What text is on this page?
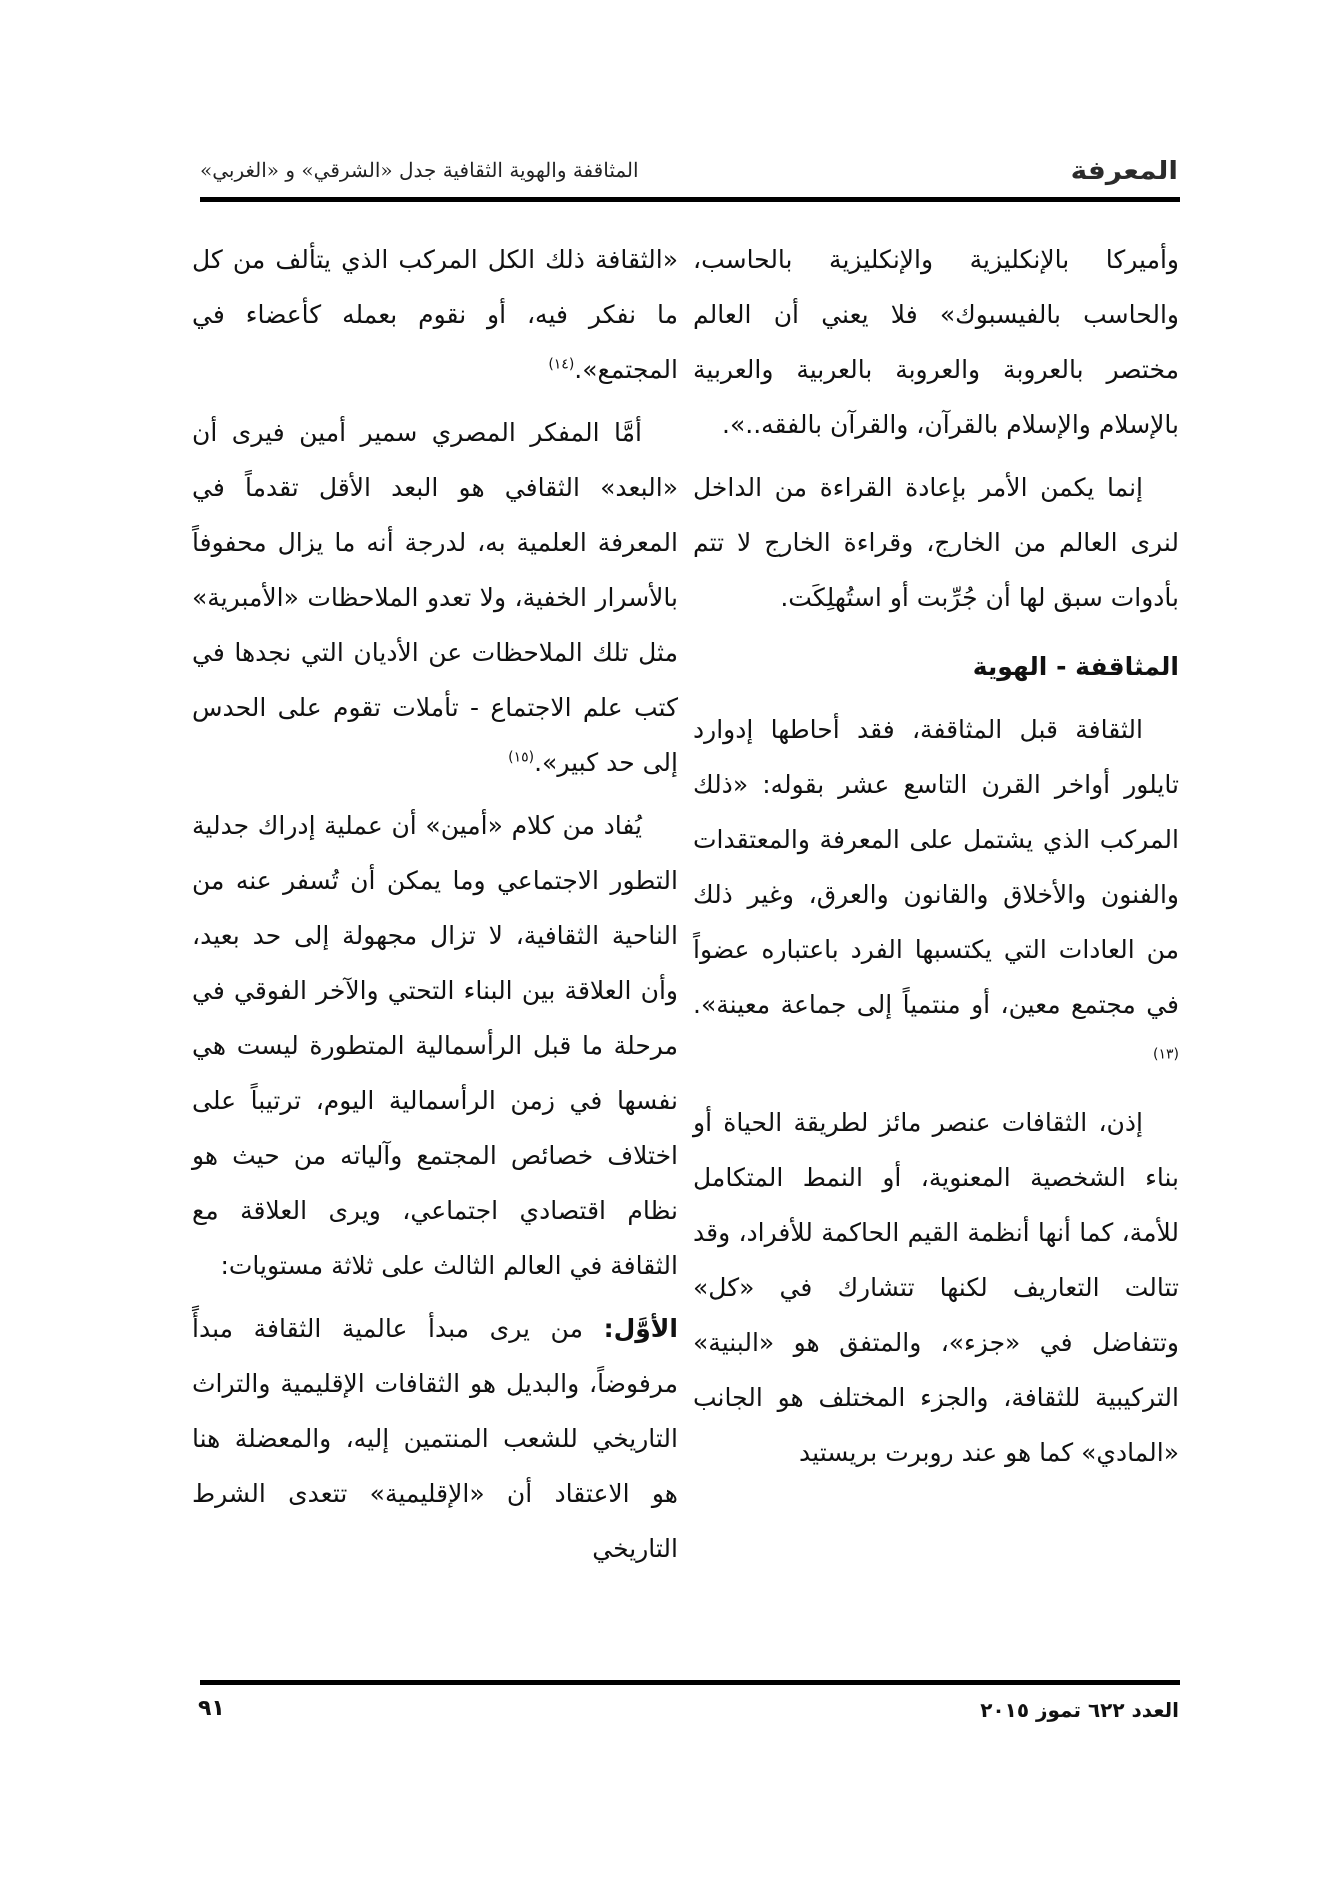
المعرفة
المثاقفة والهوية الثقافية جدل «الشرقي» و «الغربي»

وأميركا بالإنكليزية والإنكليزية بالحاسب، والحاسب بالفيسبوك» فلا يعني أن العالم مختصر بالعروبة والعروبة بالعربية والعربية بالإسلام والإسلام بالقرآن، والقرآن بالفقه..».

إنما يكمن الأمر بإعادة القراءة من الداخل لنرى العالم من الخارج، وقراءة الخارج لا تتم بأدوات سبق لها أن جُرِّبت أو استُهلِكَت.

المثاقفة - الهوية

الثقافة قبل المثاقفة، فقد أحاطها إدوارد تايلور أواخر القرن التاسع عشر بقوله: «ذلك المركب الذي يشتمل على المعرفة والمعتقدات والفنون والأخلاق والقانون والعرق، وغير ذلك من العادات التي يكتسبها الفرد باعتباره عضواً في مجتمع معين، أو منتمياً إلى جماعة معينة».$^{(١٣)}$

إذن، الثقافات عنصر مائز لطريقة الحياة أو بناء الشخصية المعنوية، أو النمط المتكامل للأمة، كما أنها أنظمة القيم الحاكمة للأفراد، وقد تتالت التعاريف لكنها تتشارك في «كل» وتتفاضل في «جزء»، والمتفق هو «البنية» التركيبية للثقافة، والجزء المختلف هو الجانب «المادي» كما هو عند روبرت بريستيد

«الثقافة ذلك الكل المركب الذي يتألف من كل ما نفكر فيه، أو نقوم بعمله كأعضاء في المجتمع».$^{(١٤)}$

أمَّا المفكر المصري سمير أمين فيرى أن «البعد» الثقافي هو البعد الأقل تقدماً في المعرفة العلمية به، لدرجة أنه ما يزال محفوفاً بالأسرار الخفية، ولا تعدو الملاحظات «الأمبرية» مثل تلك الملاحظات عن الأديان التي نجدها في كتب علم الاجتماع - تأملات تقوم على الحدس إلى حد كبير».$^{(١٥)}$

يُفاد من كلام «أمين» أن عملية إدراك جدلية التطور الاجتماعي وما يمكن أن تُسفر عنه من الناحية الثقافية، لا تزال مجهولة إلى حد بعيد، وأن العلاقة بين البناء التحتي والآخر الفوقي في مرحلة ما قبل الرأسمالية المتطورة ليست هي نفسها في زمن الرأسمالية اليوم، ترتيباً على اختلاف خصائص المجتمع وآلياته من حيث هو نظام اقتصادي اجتماعي، ويرى العلاقة مع الثقافة في العالم الثالث على ثلاثة مستويات:

الأوَّل: من يرى مبدأ عالمية الثقافة مبدأً مرفوضاً، والبديل هو الثقافات الإقليمية والتراث التاريخي للشعب المنتمين إليه، والمعضلة هنا هو الاعتقاد أن «الإقليمية» تتعدى الشرط التاريخي

العدد ٦٢٢ تموز ٢٠١٥
٩١
